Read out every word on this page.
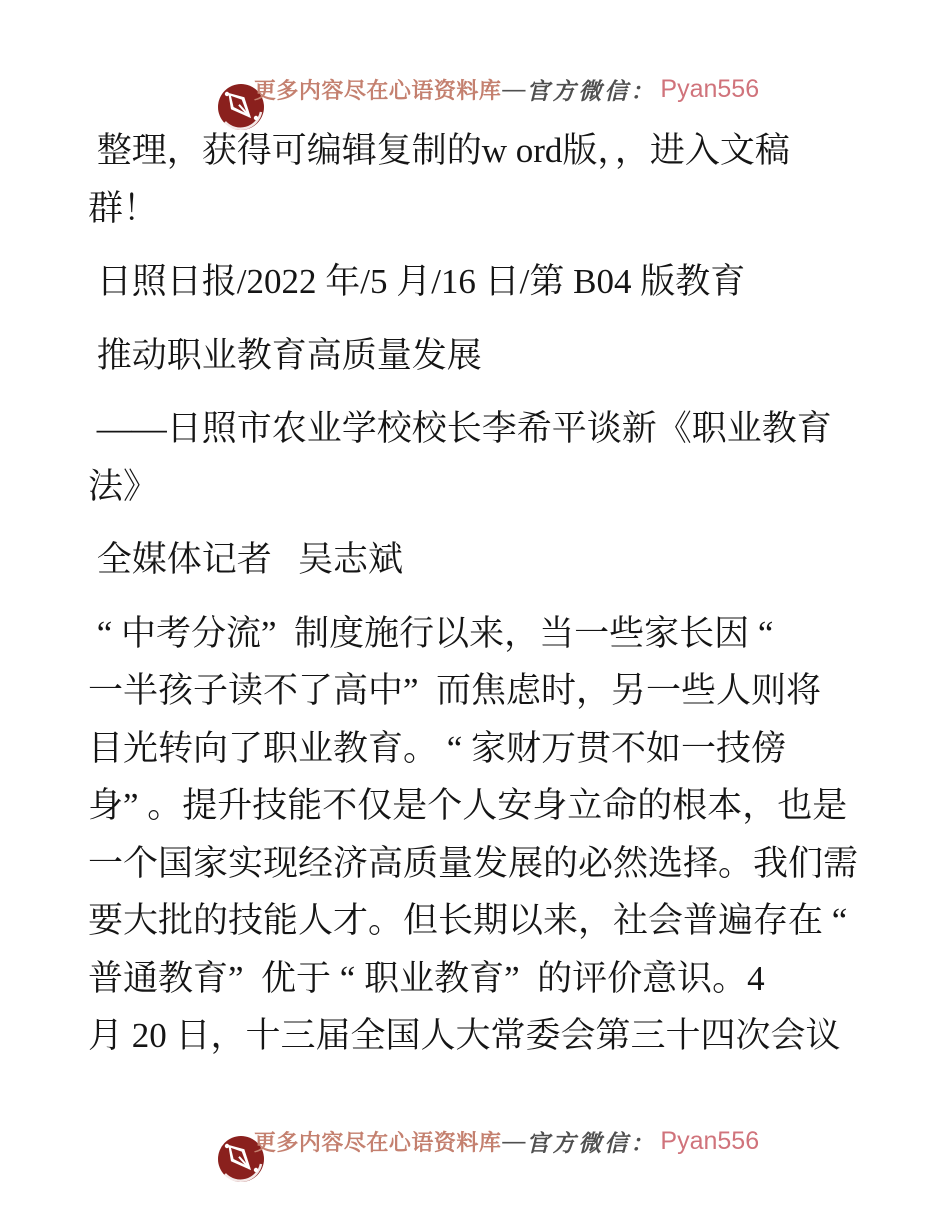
更多内容尽在心语资料库 — 官方微信： Pyan556
整理，获得可编辑复制的w ord版，，进入文稿
群！
日照日报/2022 年/5 月/16 日/第 B04 版教育
推动职业教育高质量发展
——日照市农业学校校长李希平谈新《职业教育
法》
全媒体记者   吴志斌
“ 中考分流”  制度施行以来，当一些家长因 “
一半孩子读不了高中”  而焦虑时，另一些人则将
目光转向了职业教育。 “ 家财万贯不如一技傍
身” 。提升技能不仅是个人安身立命的根本，也是
一个国家实现经济高质量发展的必然选择。我们需
要大批的技能人才。但长期以来，社会普遍存在 “
普通教育”  优于 “ 职业教育”  的评价意识。4
月 20 日，十三届全国人大常委会第三十四次会议

更多内容尽在心语资料库 — 官方微信： Pyan556
